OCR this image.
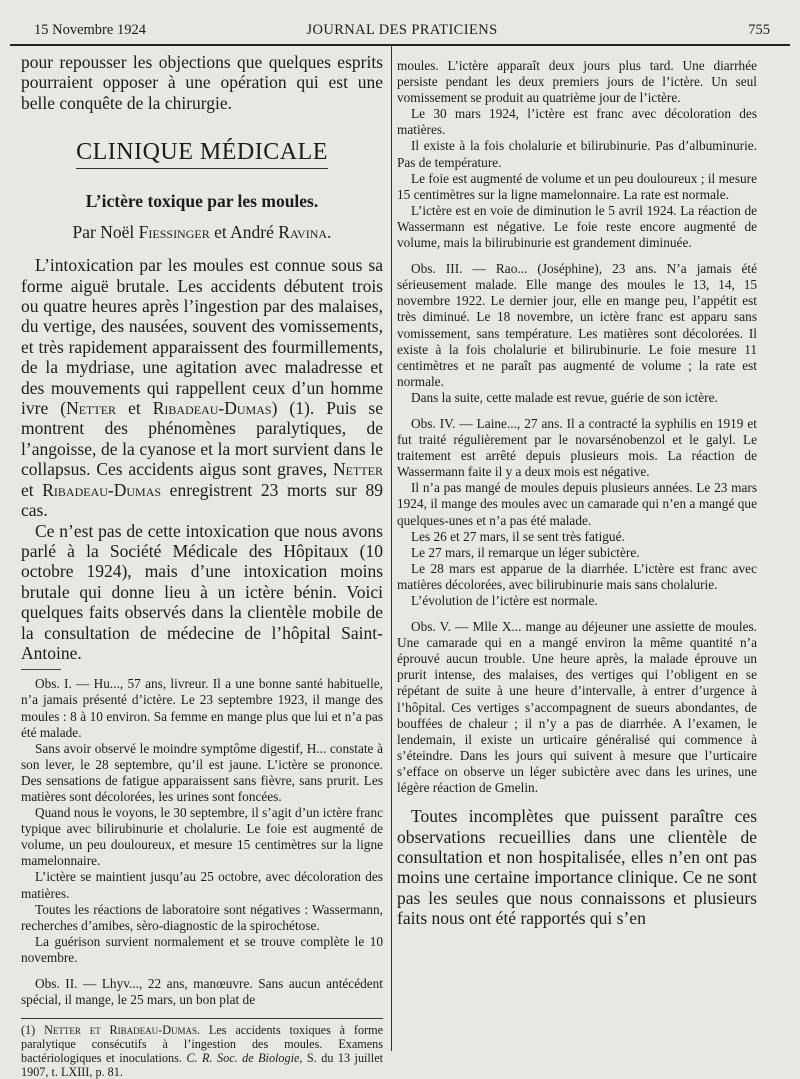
15 Novembre 1924	JOURNAL DES PRATICIENS	755

pour repousser les objections que quelques esprits pourraient opposer à une opération qui est une belle conquête de la chirurgie.

CLINIQUE MÉDICALE
L’ictère toxique par les moules.
Par Noël Fiessinger et André Ravina.

L’intoxication par les moules est connue sous sa forme aiguë brutale. Les accidents débutent trois ou quatre heures après l’ingestion par des malaises, du vertige, des nausées, souvent des vomissements, et très rapidement apparaissent des fourmillements, de la mydriase, une agitation avec maladresse et des mouvements qui rappellent ceux d’un homme ivre (Netter et Ribadeau-Dumas) (1). Puis se montrent des phénomènes paralytiques, de l’angoisse, de la cyanose et la mort survient dans le collapsus. Ces accidents aigus sont graves, Netter et Ribadeau-Dumas enregistrent 23 morts sur 89 cas.

Ce n’est pas de cette intoxication que nous avons parlé à la Société Médicale des Hôpitaux (10 octobre 1924), mais d’une intoxication moins brutale qui donne lieu à un ictère bénin. Voici quelques faits observés dans la clientèle mobile de la consultation de médecine de l’hôpital Saint-Antoine.

Obs. I. — Hu..., 57 ans, livreur. Il a une bonne santé habituelle, n’a jamais présenté d’ictère. Le 23 septembre 1923, il mange des moules : 8 à 10 environ. Sa femme en mange plus que lui et n’a pas été malade.

Sans avoir observé le moindre symptôme digestif, H... constate à son lever, le 28 septembre, qu’il est jaune. L’ictère se prononce. Des sensations de fatigue apparaissent sans fièvre, sans prurit. Les matières sont décolorées, les urines sont foncées.

Quand nous le voyons, le 30 septembre, il s’agit d’un ictère franc typique avec bilirubinurie et cholalurie. Le foie est augmenté de volume, un peu douloureux, et mesure 15 centimètres sur la ligne mamelonnaire.

L’ictère se maintient jusqu’au 25 octobre, avec décoloration des matières.

Toutes les réactions de laboratoire sont négatives : Wassermann, recherches d’amibes, sèro-diagnostic de la spirochétose.

La guérison survient normalement et se trouve complète le 10 novembre.

Obs. II. — Lhyv..., 22 ans, manœuvre. Sans aucun antécédent spécial, il mange, le 25 mars, un bon plat de

(1) Netter et Ribadeau-Dumas. Les accidents toxiques à forme paralytique consécutifs à l’ingestion des moules. Examens bactériologiques et inoculations. C. R. Soc. de Biologie, S. du 13 juillet 1907, t. LXIII, p. 81.

moules. L’ictère apparaît deux jours plus tard. Une diarrhée persiste pendant les deux premiers jours de l’ictère. Un seul vomissement se produit au quatrième jour de l’ictère.

Le 30 mars 1924, l’ictère est franc avec décoloration des matières.

Il existe à la fois cholalurie et bilirubinurie. Pas d’albuminurie. Pas de température.

Le foie est augmenté de volume et un peu douloureux ; il mesure 15 centimètres sur la ligne mamelonnaire. La rate est normale.

L’ictère est en voie de diminution le 5 avril 1924. La réaction de Wassermann est négative. Le foie reste encore augmenté de volume, mais la bilirubinurie est grandement diminuée.

Obs. III. — Rao... (Joséphine), 23 ans. N’a jamais été sérieusement malade. Elle mange des moules le 13, 14, 15 novembre 1922. Le dernier jour, elle en mange peu, l’appétit est très diminué. Le 18 novembre, un ictère franc est apparu sans vomissement, sans température. Les matières sont décolorées. Il existe à la fois cholalurie et bilirubinurie. Le foie mesure 11 centimètres et ne paraît pas augmenté de volume ; la rate est normale.

Dans la suite, cette malade est revue, guérie de son ictère.

Obs. IV. — Laine..., 27 ans. Il a contracté la syphilis en 1919 et fut traité régulièrement par le novarsénobenzol et le galyl. Le traitement est arrêté depuis plusieurs mois. La réaction de Wassermann faite il y a deux mois est négative.

Il n’a pas mangé de moules depuis plusieurs années. Le 23 mars 1924, il mange des moules avec un camarade qui n’en a mangé que quelques-unes et n’a pas été malade.

Les 26 et 27 mars, il se sent très fatigué.

Le 27 mars, il remarque un léger subictère.

Le 28 mars est apparue de la diarrhée. L’ictère est franc avec matières décolorées, avec bilirubinurie mais sans cholalurie.

L’évolution de l’ictère est normale.

Obs. V. — Mlle X... mange au déjeuner une assiette de moules. Une camarade qui en a mangé environ la même quantité n’a éprouvé aucun trouble. Une heure après, la malade éprouve un prurit intense, des malaises, des vertiges qui l’obligent en se répétant de suite à une heure d’intervalle, à entrer d’urgence à l’hôpital. Ces vertiges s’accompagnent de sueurs abondantes, de bouffées de chaleur ; il n’y a pas de diarrhée. A l’examen, le lendemain, il existe un urticaire généralisé qui commence à s’éteindre. Dans les jours qui suivent à mesure que l’urticaire s’efface on observe un léger subictère avec dans les urines, une légère réaction de Gmelin.

Toutes incomplètes que puissent paraître ces observations recueillies dans une clientèle de consultation et non hospitalisée, elles n’en ont pas moins une certaine importance clinique. Ce ne sont pas les seules que nous connaissons et plusieurs faits nous ont été rapportés qui s’en
